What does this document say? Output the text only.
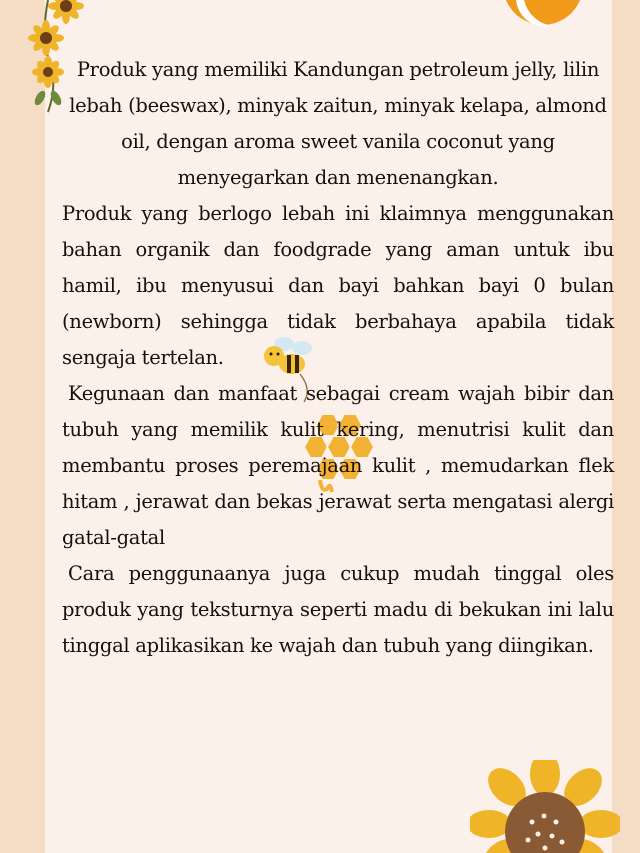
Produk yang memiliki Kandungan petroleum jelly, lilin lebah (beeswax), minyak zaitun, minyak kelapa, almond oil, dengan aroma sweet vanila coconut yang menyegarkan dan menenangkan.

Produk yang berlogo lebah ini klaimnya menggunakan bahan organik dan foodgrade yang aman untuk ibu hamil, ibu menyusui dan bayi bahkan bayi 0 bulan (newborn) sehingga tidak berbahaya apabila tidak sengaja tertelan.

Kegunaan dan manfaat sebagai cream wajah bibir dan tubuh yang memilik kulit kering, menutrisi kulit dan membantu proses peremajaan kulit , memudarkan flek hitam , jerawat dan bekas jerawat serta mengatasi alergi gatal-gatal

Cara penggunaanya juga cukup mudah tinggal oles produk yang teksturnya seperti madu di bekukan ini lalu tinggal aplikasikan ke wajah dan tubuh yang diingikan.
